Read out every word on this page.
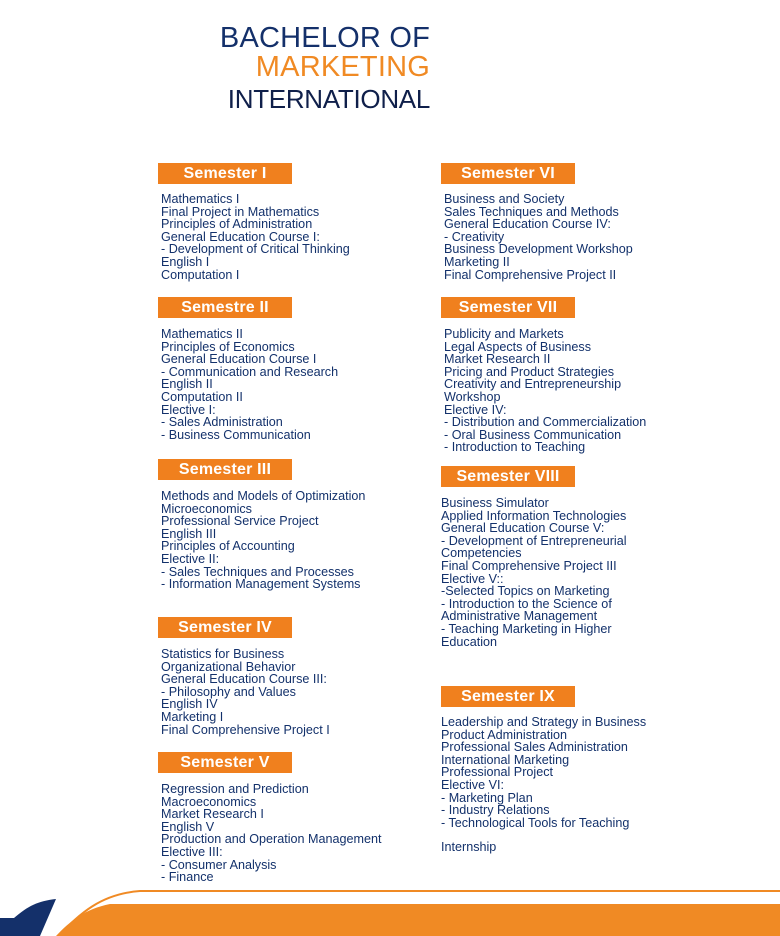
BACHELOR OF
MARKETING
INTERNATIONAL
Semester I
Mathematics I
Final Project in Mathematics
Principles of Administration
General Education Course I:
- Development of Critical Thinking
English I
Computation I
Semestre II
Mathematics II
Principles of Economics
General Education Course I
- Communication and Research
English II
Computation II
Elective I:
- Sales Administration
- Business Communication
Semester III
Methods and Models of Optimization
Microeconomics
Professional Service Project
English III
Principles of Accounting
Elective II:
- Sales Techniques and Processes
- Information Management Systems
Semester IV
Statistics for Business
Organizational Behavior
General Education Course III:
- Philosophy and Values
English IV
Marketing I
Final Comprehensive Project I
Semester V
Regression and Prediction
Macroeconomics
Market Research I
English V
Production and Operation Management
Elective III:
- Consumer Analysis
- Finance
Semester VI
Business and Society
Sales Techniques and Methods
General Education Course IV:
- Creativity
Business Development Workshop
Marketing II
Final Comprehensive Project II
Semester VII
Publicity and Markets
Legal Aspects of Business
Market Research II
Pricing and Product Strategies
Creativity and Entrepreneurship
Workshop
Elective IV:
- Distribution and Commercialization
- Oral Business Communication
- Introduction to Teaching
Semester VIII
Business Simulator
Applied Information Technologies
General Education Course V:
- Development of Entrepreneurial Competencies
Final Comprehensive Project III
Elective V::
-Selected Topics on Marketing
- Introduction to the Science of Administrative Management
- Teaching Marketing in Higher Education
Semester IX
Leadership and Strategy in Business
Product Administration
Professional Sales Administration
International Marketing
Professional Project
Elective VI:
- Marketing Plan
- Industry Relations
- Technological Tools for Teaching
Internship
